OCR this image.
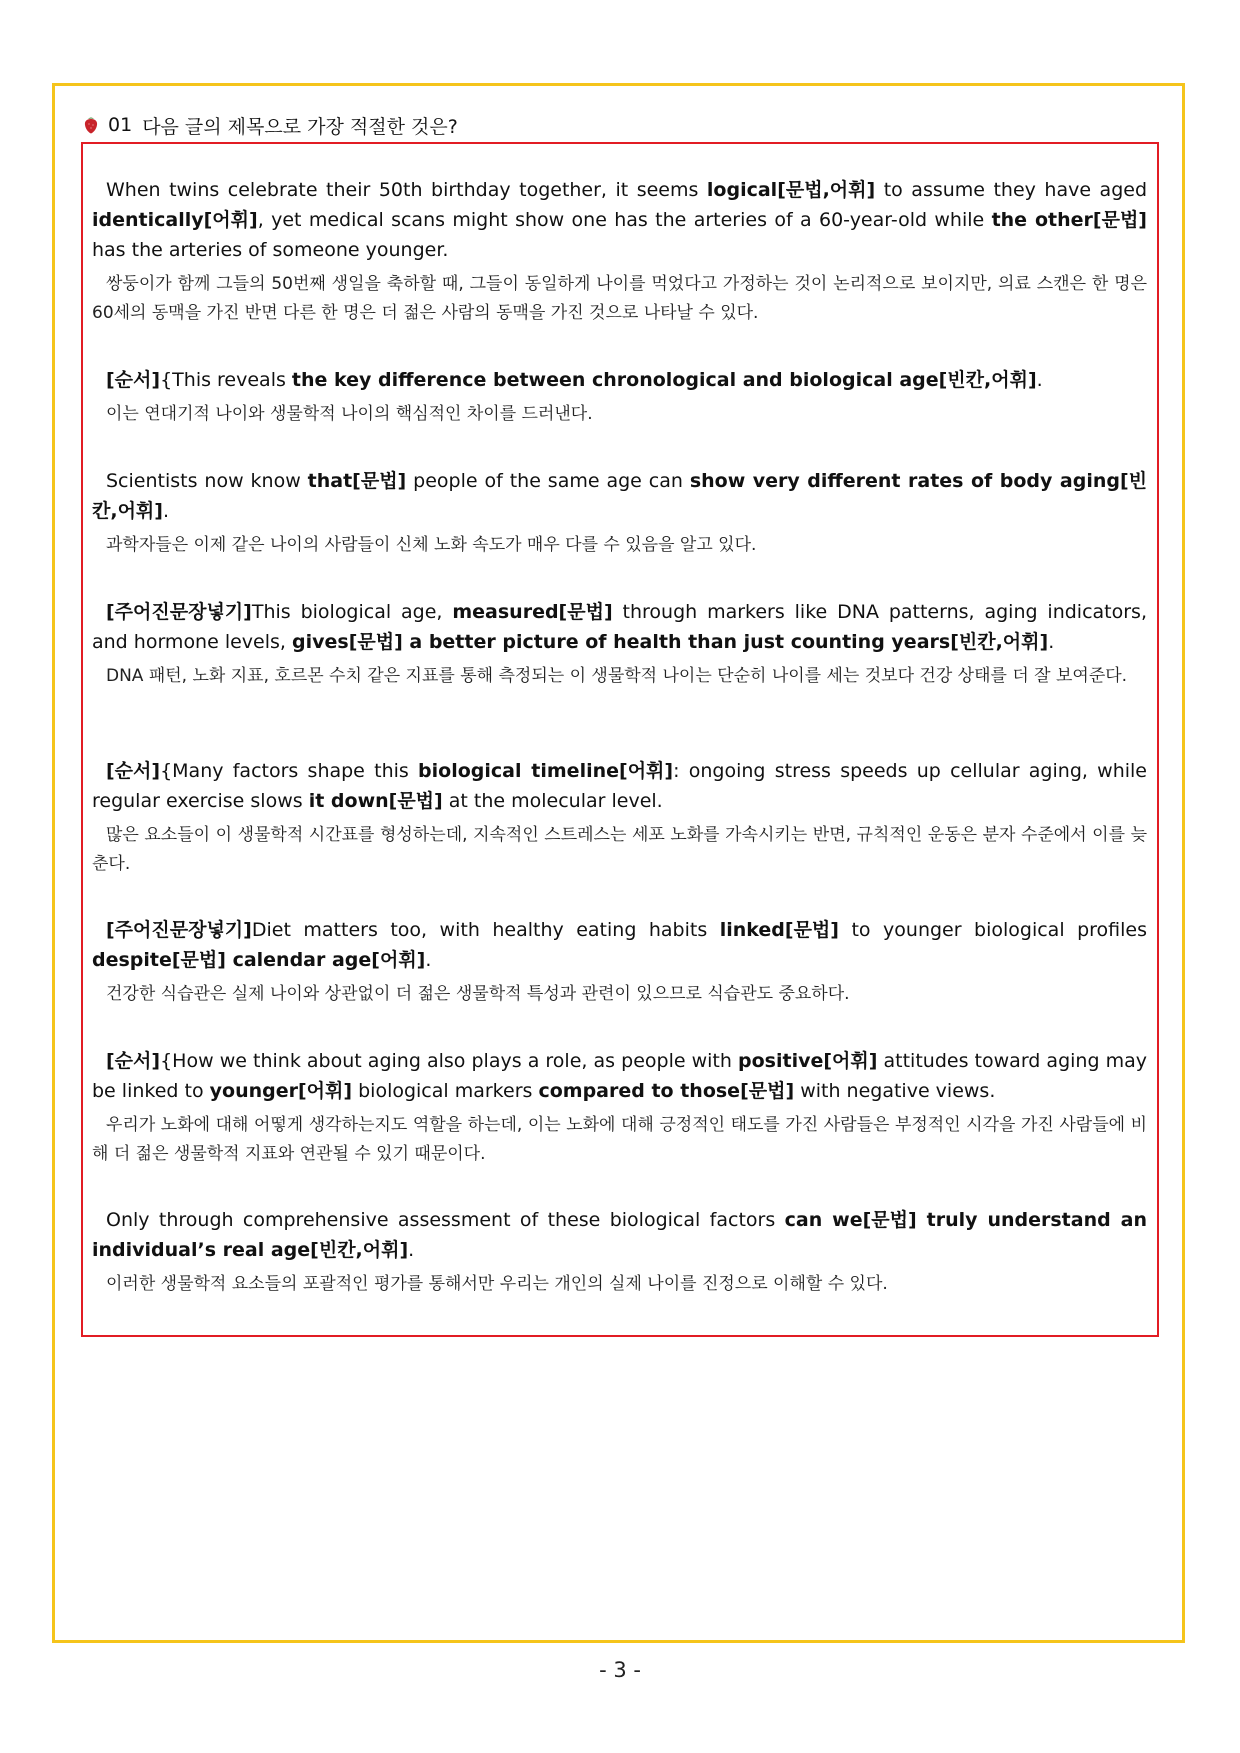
01 다음 글의 제목으로 가장 적절한 것은?

When twins celebrate their 50th birthday together, it seems logical[문법,어휘] to assume they have aged identically[어휘], yet medical scans might show one has the arteries of a 60-year-old while the other[문법] has the arteries of someone younger.

쌍둥이가 함께 그들의 50번째 생일을 축하할 때, 그들이 동일하게 나이를 먹었다고 가정하는 것이 논리적으로 보이지만, 의료 스캔은 한 명은 60세의 동맥을 가진 반면 다른 한 명은 더 젊은 사람의 동맥을 가진 것으로 나타날 수 있다.

[순서]{This reveals the key difference between chronological and biological age[빈칸,어휘].

이는 연대기적 나이와 생물학적 나이의 핵심적인 차이를 드러낸다.

Scientists now know that[문법] people of the same age can show very different rates of body aging[빈칸,어휘].

과학자들은 이제 같은 나이의 사람들이 신체 노화 속도가 매우 다를 수 있음을 알고 있다.

[주어진문장넣기]This biological age, measured[문법] through markers like DNA patterns, aging indicators, and hormone levels, gives[문법] a better picture of health than just counting years[빈칸,어휘].

DNA 패턴, 노화 지표, 호르몬 수치 같은 지표를 통해 측정되는 이 생물학적 나이는 단순히 나이를 세는 것보다 건강 상태를 더 잘 보여준다.

[순서]{Many factors shape this biological timeline[어휘]: ongoing stress speeds up cellular aging, while regular exercise slows it down[문법] at the molecular level.

많은 요소들이 이 생물학적 시간표를 형성하는데, 지속적인 스트레스는 세포 노화를 가속시키는 반면, 규칙적인 운동은 분자 수준에서 이를 늦춘다.

[주어진문장넣기]Diet matters too, with healthy eating habits linked[문법] to younger biological profiles despite[문법] calendar age[어휘].

건강한 식습관은 실제 나이와 상관없이 더 젊은 생물학적 특성과 관련이 있으므로 식습관도 중요하다.

[순서]{How we think about aging also plays a role, as people with positive[어휘] attitudes toward aging may be linked to younger[어휘] biological markers compared to those[문법] with negative views.

우리가 노화에 대해 어떻게 생각하는지도 역할을 하는데, 이는 노화에 대해 긍정적인 태도를 가진 사람들은 부정적인 시각을 가진 사람들에 비해 더 젊은 생물학적 지표와 연관될 수 있기 때문이다.

Only through comprehensive assessment of these biological factors can we[문법] truly understand an individual’s real age[빈칸,어휘].

이러한 생물학적 요소들의 포괄적인 평가를 통해서만 우리는 개인의 실제 나이를 진정으로 이해할 수 있다.

- 3 -
